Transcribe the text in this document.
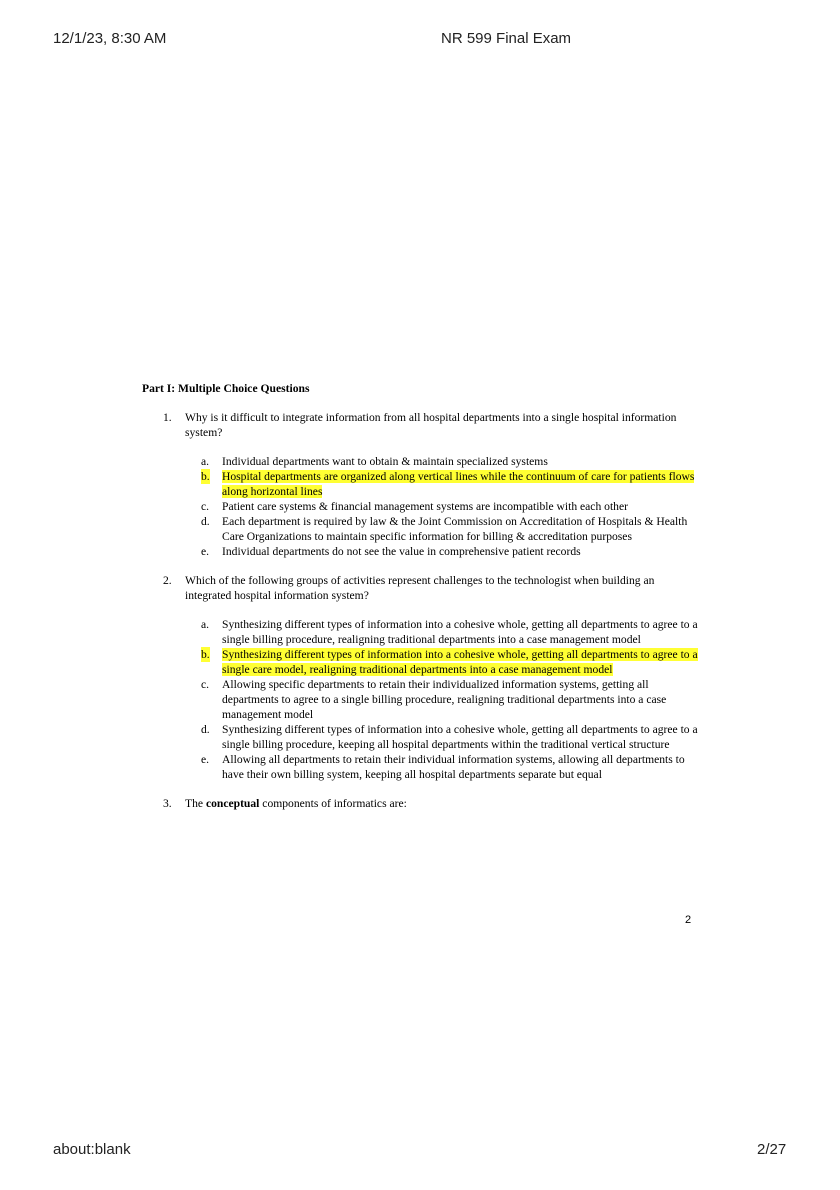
12/1/23, 8:30 AM	NR 599 Final Exam

Part I: Multiple Choice Questions

1. Why is it difficult to integrate information from all hospital departments into a single hospital information system?

a. Individual departments want to obtain & maintain specialized systems
b. Hospital departments are organized along vertical lines while the continuum of care for patients flows along horizontal lines
c. Patient care systems & financial management systems are incompatible with each other
d. Each department is required by law & the Joint Commission on Accreditation of Hospitals & Health Care Organizations to maintain specific information for billing & accreditation purposes
e. Individual departments do not see the value in comprehensive patient records
2. Which of the following groups of activities represent challenges to the technologist when building an integrated hospital information system?

a. Synthesizing different types of information into a cohesive whole, getting all departments to agree to a single billing procedure, realigning traditional departments into a case management model
b. Synthesizing different types of information into a cohesive whole, getting all departments to agree to a single care model, realigning traditional departments into a case management model
c. Allowing specific departments to retain their individualized information systems, getting all departments to agree to a single billing procedure, realigning traditional departments into a case management model
d. Synthesizing different types of information into a cohesive whole, getting all departments to agree to a single billing procedure, keeping all hospital departments within the traditional vertical structure
e. Allowing all departments to retain their individual information systems, allowing all departments to have their own billing system, keeping all hospital departments separate but equal
3. The conceptual components of informatics are:

2
about:blank	2/27
